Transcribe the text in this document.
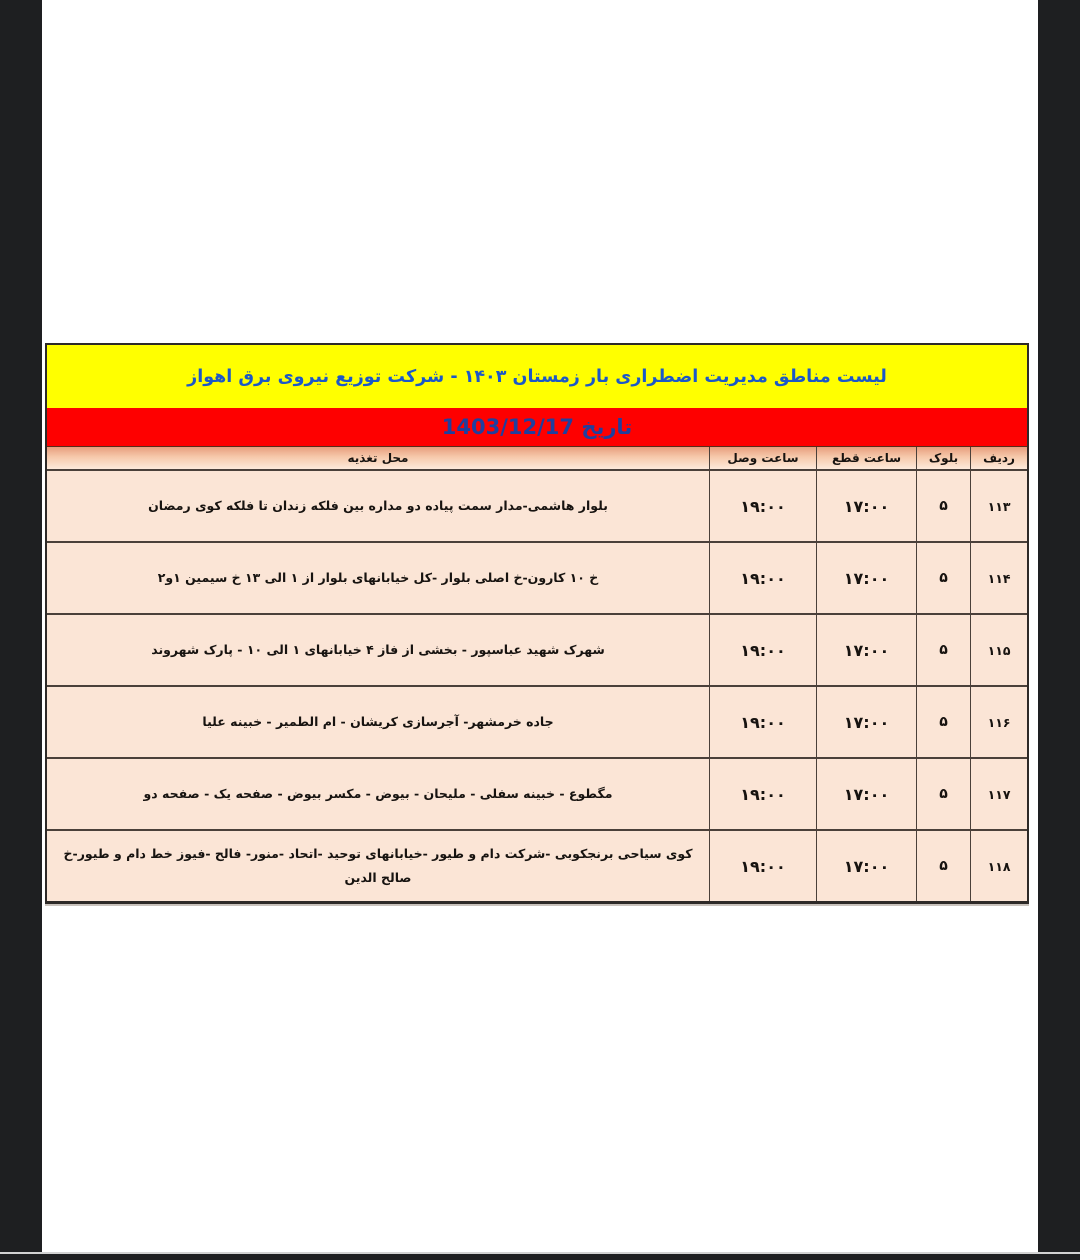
لیست مناطق مدیریت اضطراری بار زمستان ۱۴۰۳ - شرکت توزیع نیروی برق اهواز
تاریخ 1403/12/17
ردیف
بلوک
ساعت قطع
ساعت وصل
محل تغذیه
۱۱۳
۵
۱۷:۰۰
۱۹:۰۰
بلوار هاشمی-مدار سمت پیاده دو مداره بین فلکه زندان تا فلکه کوی رمضان
۱۱۴
۵
۱۷:۰۰
۱۹:۰۰
خ ۱۰ کارون-خ اصلی بلوار -کل خیابانهای بلوار از ۱ الی ۱۳ خ سیمین ۱و۲
۱۱۵
۵
۱۷:۰۰
۱۹:۰۰
شهرک شهید عباسپور - بخشی از فاز ۴ خیابانهای ۱ الی ۱۰ - پارک شهروند
۱۱۶
۵
۱۷:۰۰
۱۹:۰۰
جاده خرمشهر- آجرسازی کریشان - ام الطمیر - خبینه علیا
۱۱۷
۵
۱۷:۰۰
۱۹:۰۰
مگطوع - خبینه سفلی - ملیحان - بیوض - مکسر بیوض - صفحه یک - صفحه دو
۱۱۸
۵
۱۷:۰۰
۱۹:۰۰
کوی سیاحی برنجکوبی -شرکت دام و طیور -خیابانهای توحید -اتحاد -منور- فالح -فیوز خط دام و طیور-خ صالح الدین
